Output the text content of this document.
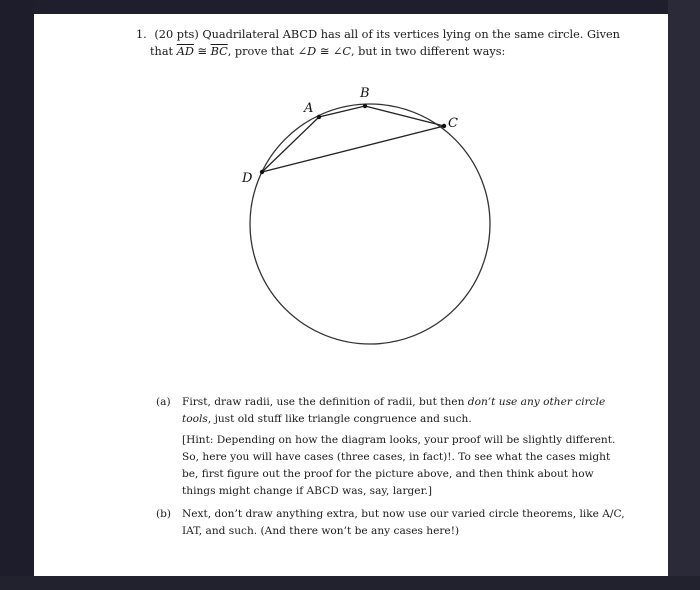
1. (20 pts) Quadrilateral ABCD has all of its vertices lying on the same circle. Given
that $\overline{AD}$ ≅ $\overline{BC}$, prove that ∠D ≅ ∠C, but in two different ways:
A
B
C
D
(a) First, draw radii, use the definition of radii, but then don’t use any other circle tools, just old stuff like triangle congruence and such.
[Hint: Depending on how the diagram looks, your proof will be slightly different. So, here you will have cases (three cases, in fact)!. To see what the cases might be, first figure out the proof for the picture above, and then think about how things might change if ABCD was, say, larger.]
(b) Next, don’t draw anything extra, but now use our varied circle theorems, like A/C, IAT, and such. (And there won’t be any cases here!)
